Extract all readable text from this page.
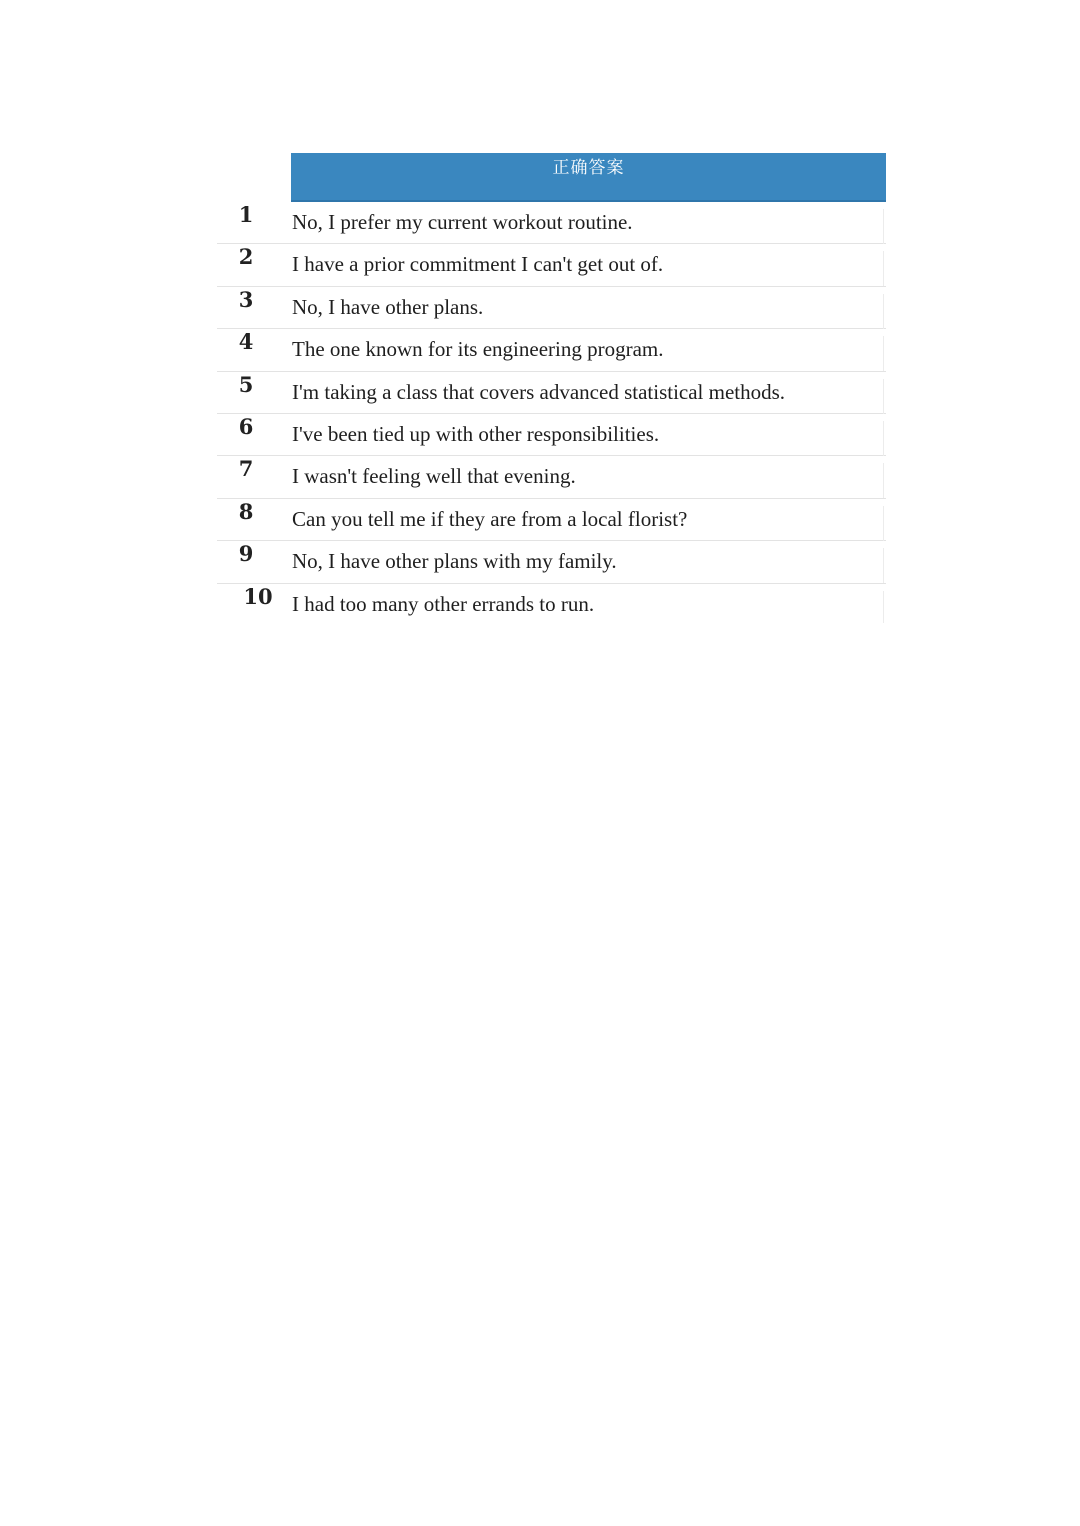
正确答案
1	No, I prefer my current workout routine.
2	I have a prior commitment I can't get out of.
3	No, I have other plans.
4	The one known for its engineering program.
5	I'm taking a class that covers advanced statistical methods.
6	I've been tied up with other responsibilities.
7	I wasn't feeling well that evening.
8	Can you tell me if they are from a local florist?
9	No, I have other plans with my family.
10 I had too many other errands to run.
